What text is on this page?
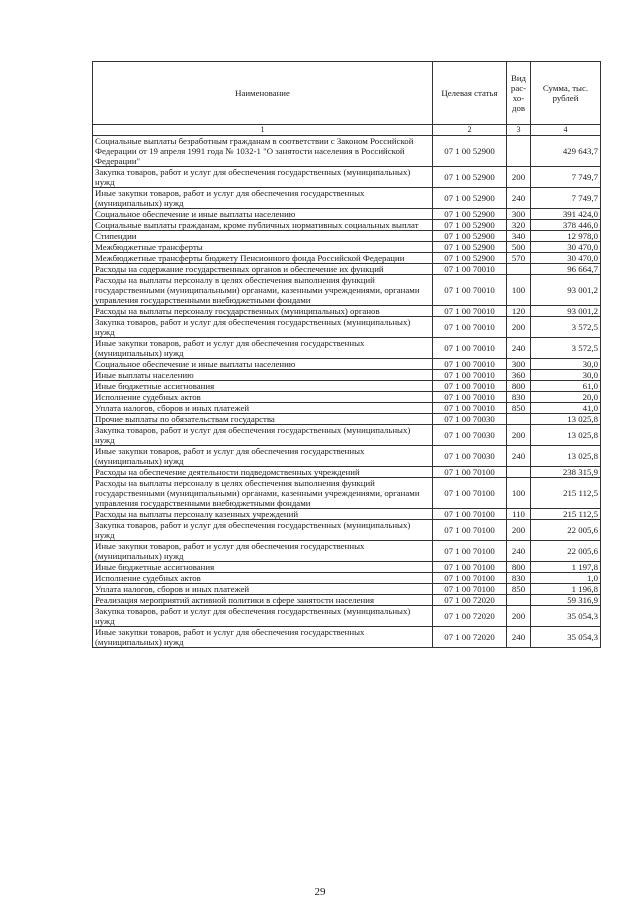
Наименование	Целевая статья	Вид рас-хо-дов	Сумма, тыс. рублей
1	2	3	4
Социальные выплаты безработным гражданам в соответствии с Законом Российской Федерации от 19 апреля 1991 года № 1032-1 "О занятости населения в Российской Федерации"	07 1 00 52900		429 643,7
Закупка товаров, работ и услуг для обеспечения государственных (муниципальных) нужд	07 1 00 52900	200	7 749,7
Иные закупки товаров, работ и услуг для обеспечения государственных (муниципальных) нужд	07 1 00 52900	240	7 749,7
Социальное обеспечение и иные выплаты населению	07 1 00 52900	300	391 424,0
Социальные выплаты гражданам, кроме публичных нормативных социальных выплат	07 1 00 52900	320	378 446,0
Стипендии	07 1 00 52900	340	12 978,0
Межбюджетные трансферты	07 1 00 52900	500	30 470,0
Межбюджетные трансферты бюджету Пенсионного фонда Российской Федерации	07 1 00 52900	570	30 470,0
Расходы на содержание государственных органов и обеспечение их функций	07 1 00 70010		96 664,7
Расходы на выплаты персоналу в целях обеспечения выполнения функций государственными (муниципальными) органами, казенными учреждениями, органами управления государственными внебюджетными фондами	07 1 00 70010	100	93 001,2
Расходы на выплаты персоналу государственных (муниципальных) органов	07 1 00 70010	120	93 001,2
Закупка товаров, работ и услуг для обеспечения государственных (муниципальных) нужд	07 1 00 70010	200	3 572,5
Иные закупки товаров, работ и услуг для обеспечения государственных (муниципальных) нужд	07 1 00 70010	240	3 572,5
Социальное обеспечение и иные выплаты населению	07 1 00 70010	300	30,0
Иные выплаты населению	07 1 00 70010	360	30,0
Иные бюджетные ассигнования	07 1 00 70010	800	61,0
Исполнение судебных актов	07 1 00 70010	830	20,0
Уплата налогов, сборов и иных платежей	07 1 00 70010	850	41,0
Прочие выплаты по обязательствам государства	07 1 00 70030		13 025,8
Закупка товаров, работ и услуг для обеспечения государственных (муниципальных) нужд	07 1 00 70030	200	13 025,8
Иные закупки товаров, работ и услуг для обеспечения государственных (муниципальных) нужд	07 1 00 70030	240	13 025,8
Расходы на обеспечение деятельности подведомственных учреждений	07 1 00 70100		238 315,9
Расходы на выплаты персоналу в целях обеспечения выполнения функций государственными (муниципальными) органами, казенными учреждениями, органами управления государственными внебюджетными фондами	07 1 00 70100	100	215 112,5
Расходы на выплаты персоналу казенных учреждений	07 1 00 70100	110	215 112,5
Закупка товаров, работ и услуг для обеспечения государственных (муниципальных) нужд	07 1 00 70100	200	22 005,6
Иные закупки товаров, работ и услуг для обеспечения государственных (муниципальных) нужд	07 1 00 70100	240	22 005,6
Иные бюджетные ассигнования	07 1 00 70100	800	1 197,8
Исполнение судебных актов	07 1 00 70100	830	1,0
Уплата налогов, сборов и иных платежей	07 1 00 70100	850	1 196,8
Реализация мероприятий активной политики в сфере занятости населения	07 1 00 72020		59 316,9
Закупка товаров, работ и услуг для обеспечения государственных (муниципальных) нужд	07 1 00 72020	200	35 054,3
Иные закупки товаров, работ и услуг для обеспечения государственных (муниципальных) нужд	07 1 00 72020	240	35 054,3
29
